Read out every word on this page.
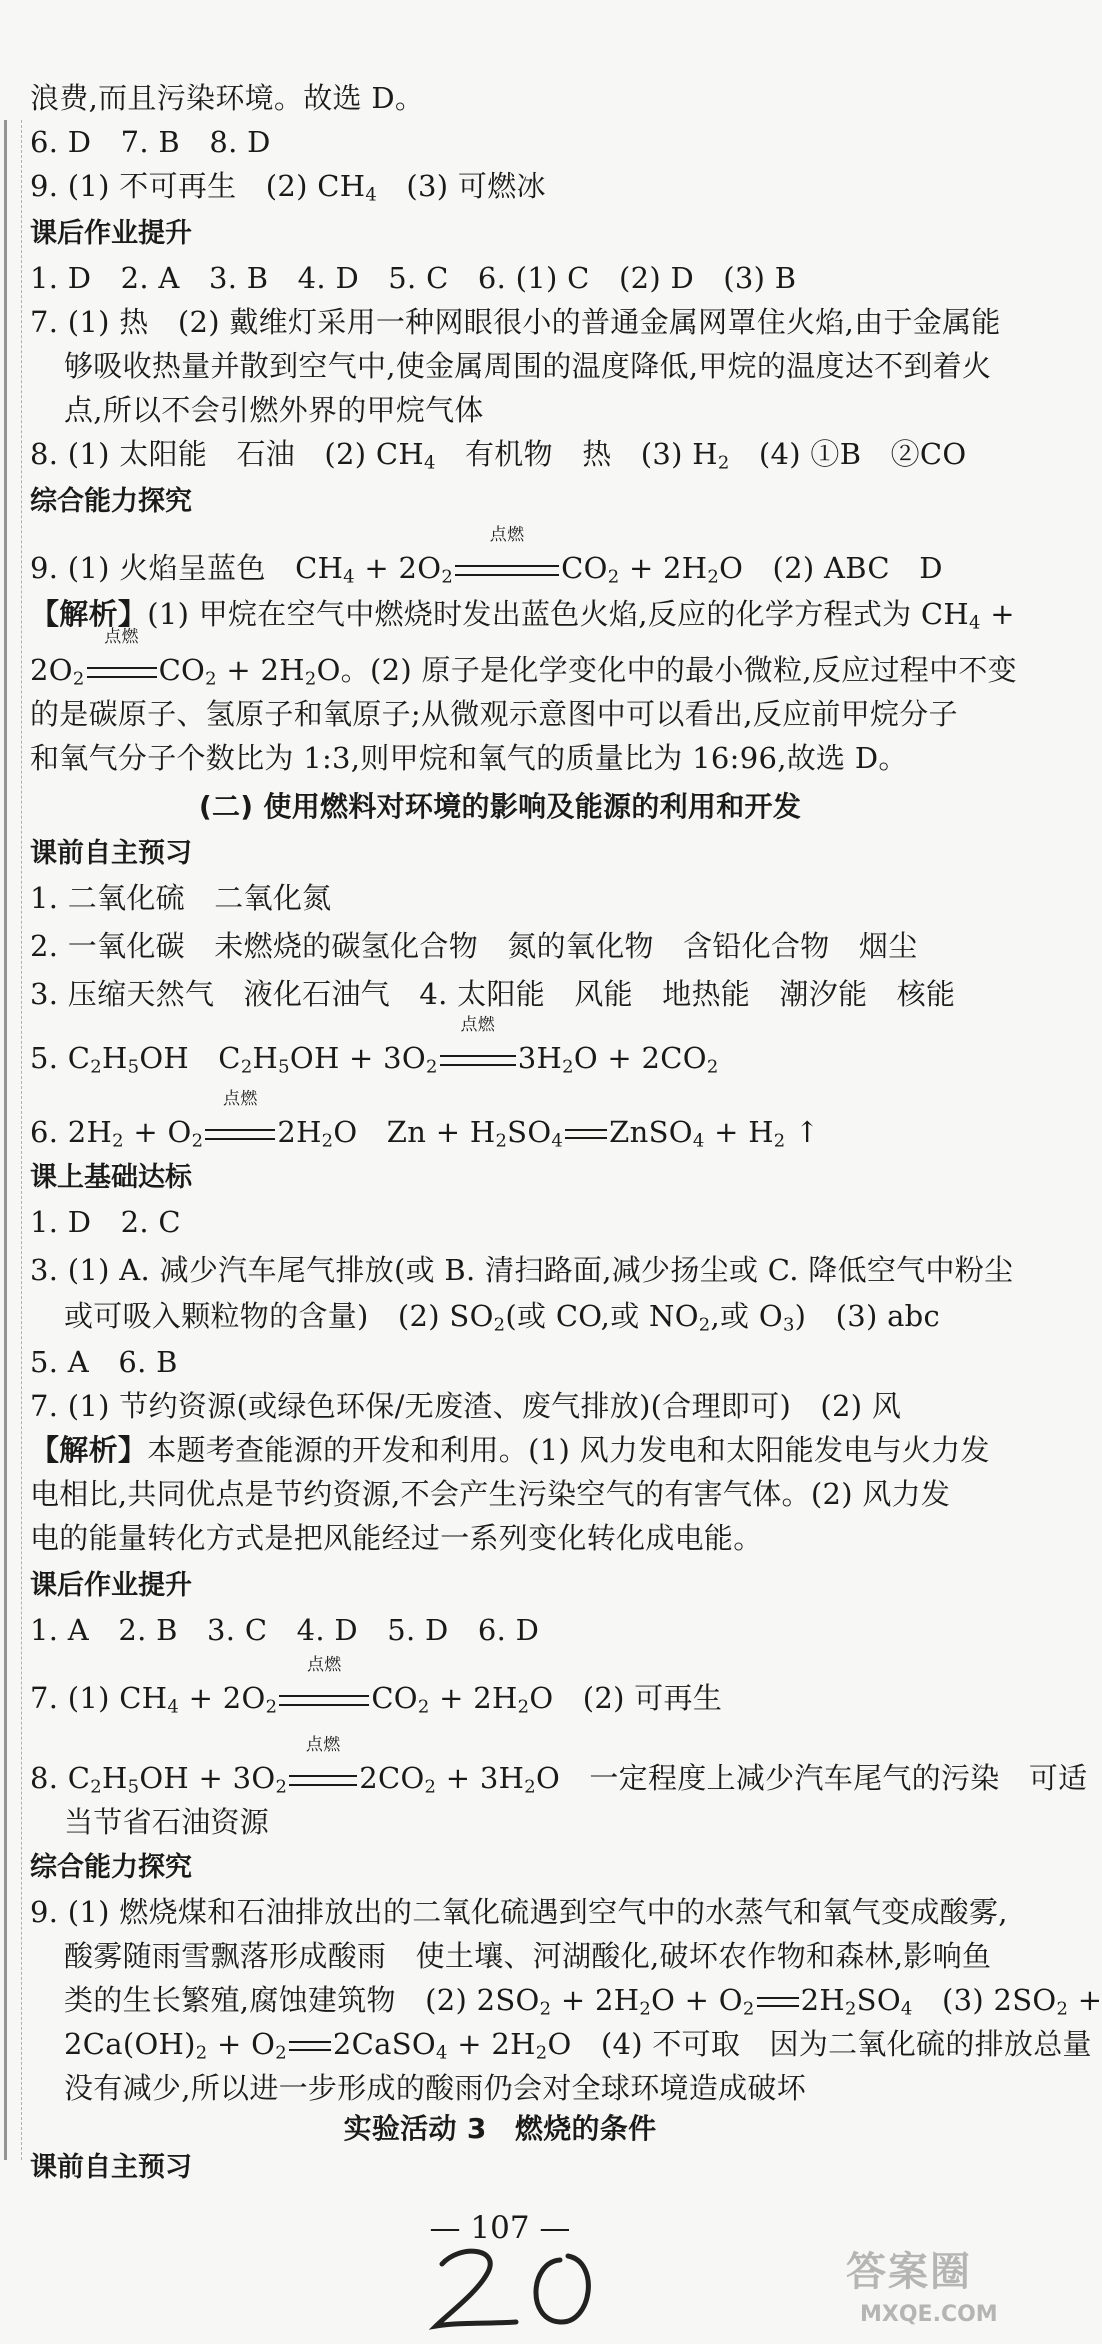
浪费,而且污染环境。故选 D。
6. D　7. B　8. D
9. (1) 不可再生　(2) $CH_4$　(3) 可燃冰
课后作业提升
1. D　2. A　3. B　4. D　5. C　6. (1) C　(2) D　(3) B
7. (1) 热　(2) 戴维灯采用一种网眼很小的普通金属网罩住火焰,由于金属能
够吸收热量并散到空气中,使金属周围的温度降低,甲烷的温度达不到着火
点,所以不会引燃外界的甲烷气体
8. (1) 太阳能　石油　(2) $CH_4$　有机物　热　(3) $H_2$　(4) ①B　②CO
综合能力探究
9. (1) 火焰呈蓝色　$CH_4 + 2O_2$
点燃
$CO_2 + 2H_2O$　(2) ABC　D
【解析】(1) 甲烷在空气中燃烧时发出蓝色火焰,反应的化学方程式为 $CH_4$ +
$2O_2$
点燃
$CO_2 + 2H_2O$。(2) 原子是化学变化中的最小微粒,反应过程中不变
的是碳原子、氢原子和氧原子;从微观示意图中可以看出,反应前甲烷分子
和氧气分子个数比为 1:3,则甲烷和氧气的质量比为 16:96,故选 D。
(二) 使用燃料对环境的影响及能源的利用和开发
课前自主预习
1. 二氧化硫　二氧化氮
2. 一氧化碳　未燃烧的碳氢化合物　氮的氧化物　含铅化合物　烟尘
3. 压缩天然气　液化石油气　4. 太阳能　风能　地热能　潮汐能　核能
5. $C_2H_5OH$　$C_2H_5OH + 3O_2$
点燃
$3H_2O + 2CO_2$
6. $2H_2 + O_2$
点燃
$2H_2O$　$Zn + H_2SO_4$ ZnSO$_4$ + $H_2$ ↑
课上基础达标
1. D　2. C
3. (1) A. 减少汽车尾气排放(或 B. 清扫路面,减少扬尘或 C. 降低空气中粉尘
或可吸入颗粒物的含量)　(2) $SO_2$(或 CO,或 $NO_2$,或 $O_3$)　(3) abc
5. A　6. B
7. (1) 节约资源(或绿色环保/无废渣、废气排放)(合理即可)　(2) 风
【解析】本题考查能源的开发和利用。(1) 风力发电和太阳能发电与火力发
电相比,共同优点是节约资源,不会产生污染空气的有害气体。(2) 风力发
电的能量转化方式是把风能经过一系列变化转化成电能。
课后作业提升
1. A　2. B　3. C　4. D　5. D　6. D
7. (1) $CH_4 + 2O_2$
点燃
$CO_2 + 2H_2O$　(2) 可再生
8. $C_2H_5OH + 3O_2$
点燃
$2CO_2 + 3H_2O$　一定程度上减少汽车尾气的污染　可适
当节省石油资源
综合能力探究
9. (1) 燃烧煤和石油排放出的二氧化硫遇到空气中的水蒸气和氧气变成酸雾,
酸雾随雨雪飘落形成酸雨　使土壤、河湖酸化,破坏农作物和森林,影响鱼
类的生长繁殖,腐蚀建筑物　(2) $2SO_2 + 2H_2O + O_2$ $2H_2SO_4$　(3) $2SO_2$ +
$2Ca(OH)_2 + O_2$ 2CaSO$_4$ + $2H_2O$　(4) 不可取　因为二氧化硫的排放总量
没有减少,所以进一步形成的酸雨仍会对全球环境造成破坏
实验活动 3　燃烧的条件
课前自主预习
— 107 —
答案圈
MXQE.COM
